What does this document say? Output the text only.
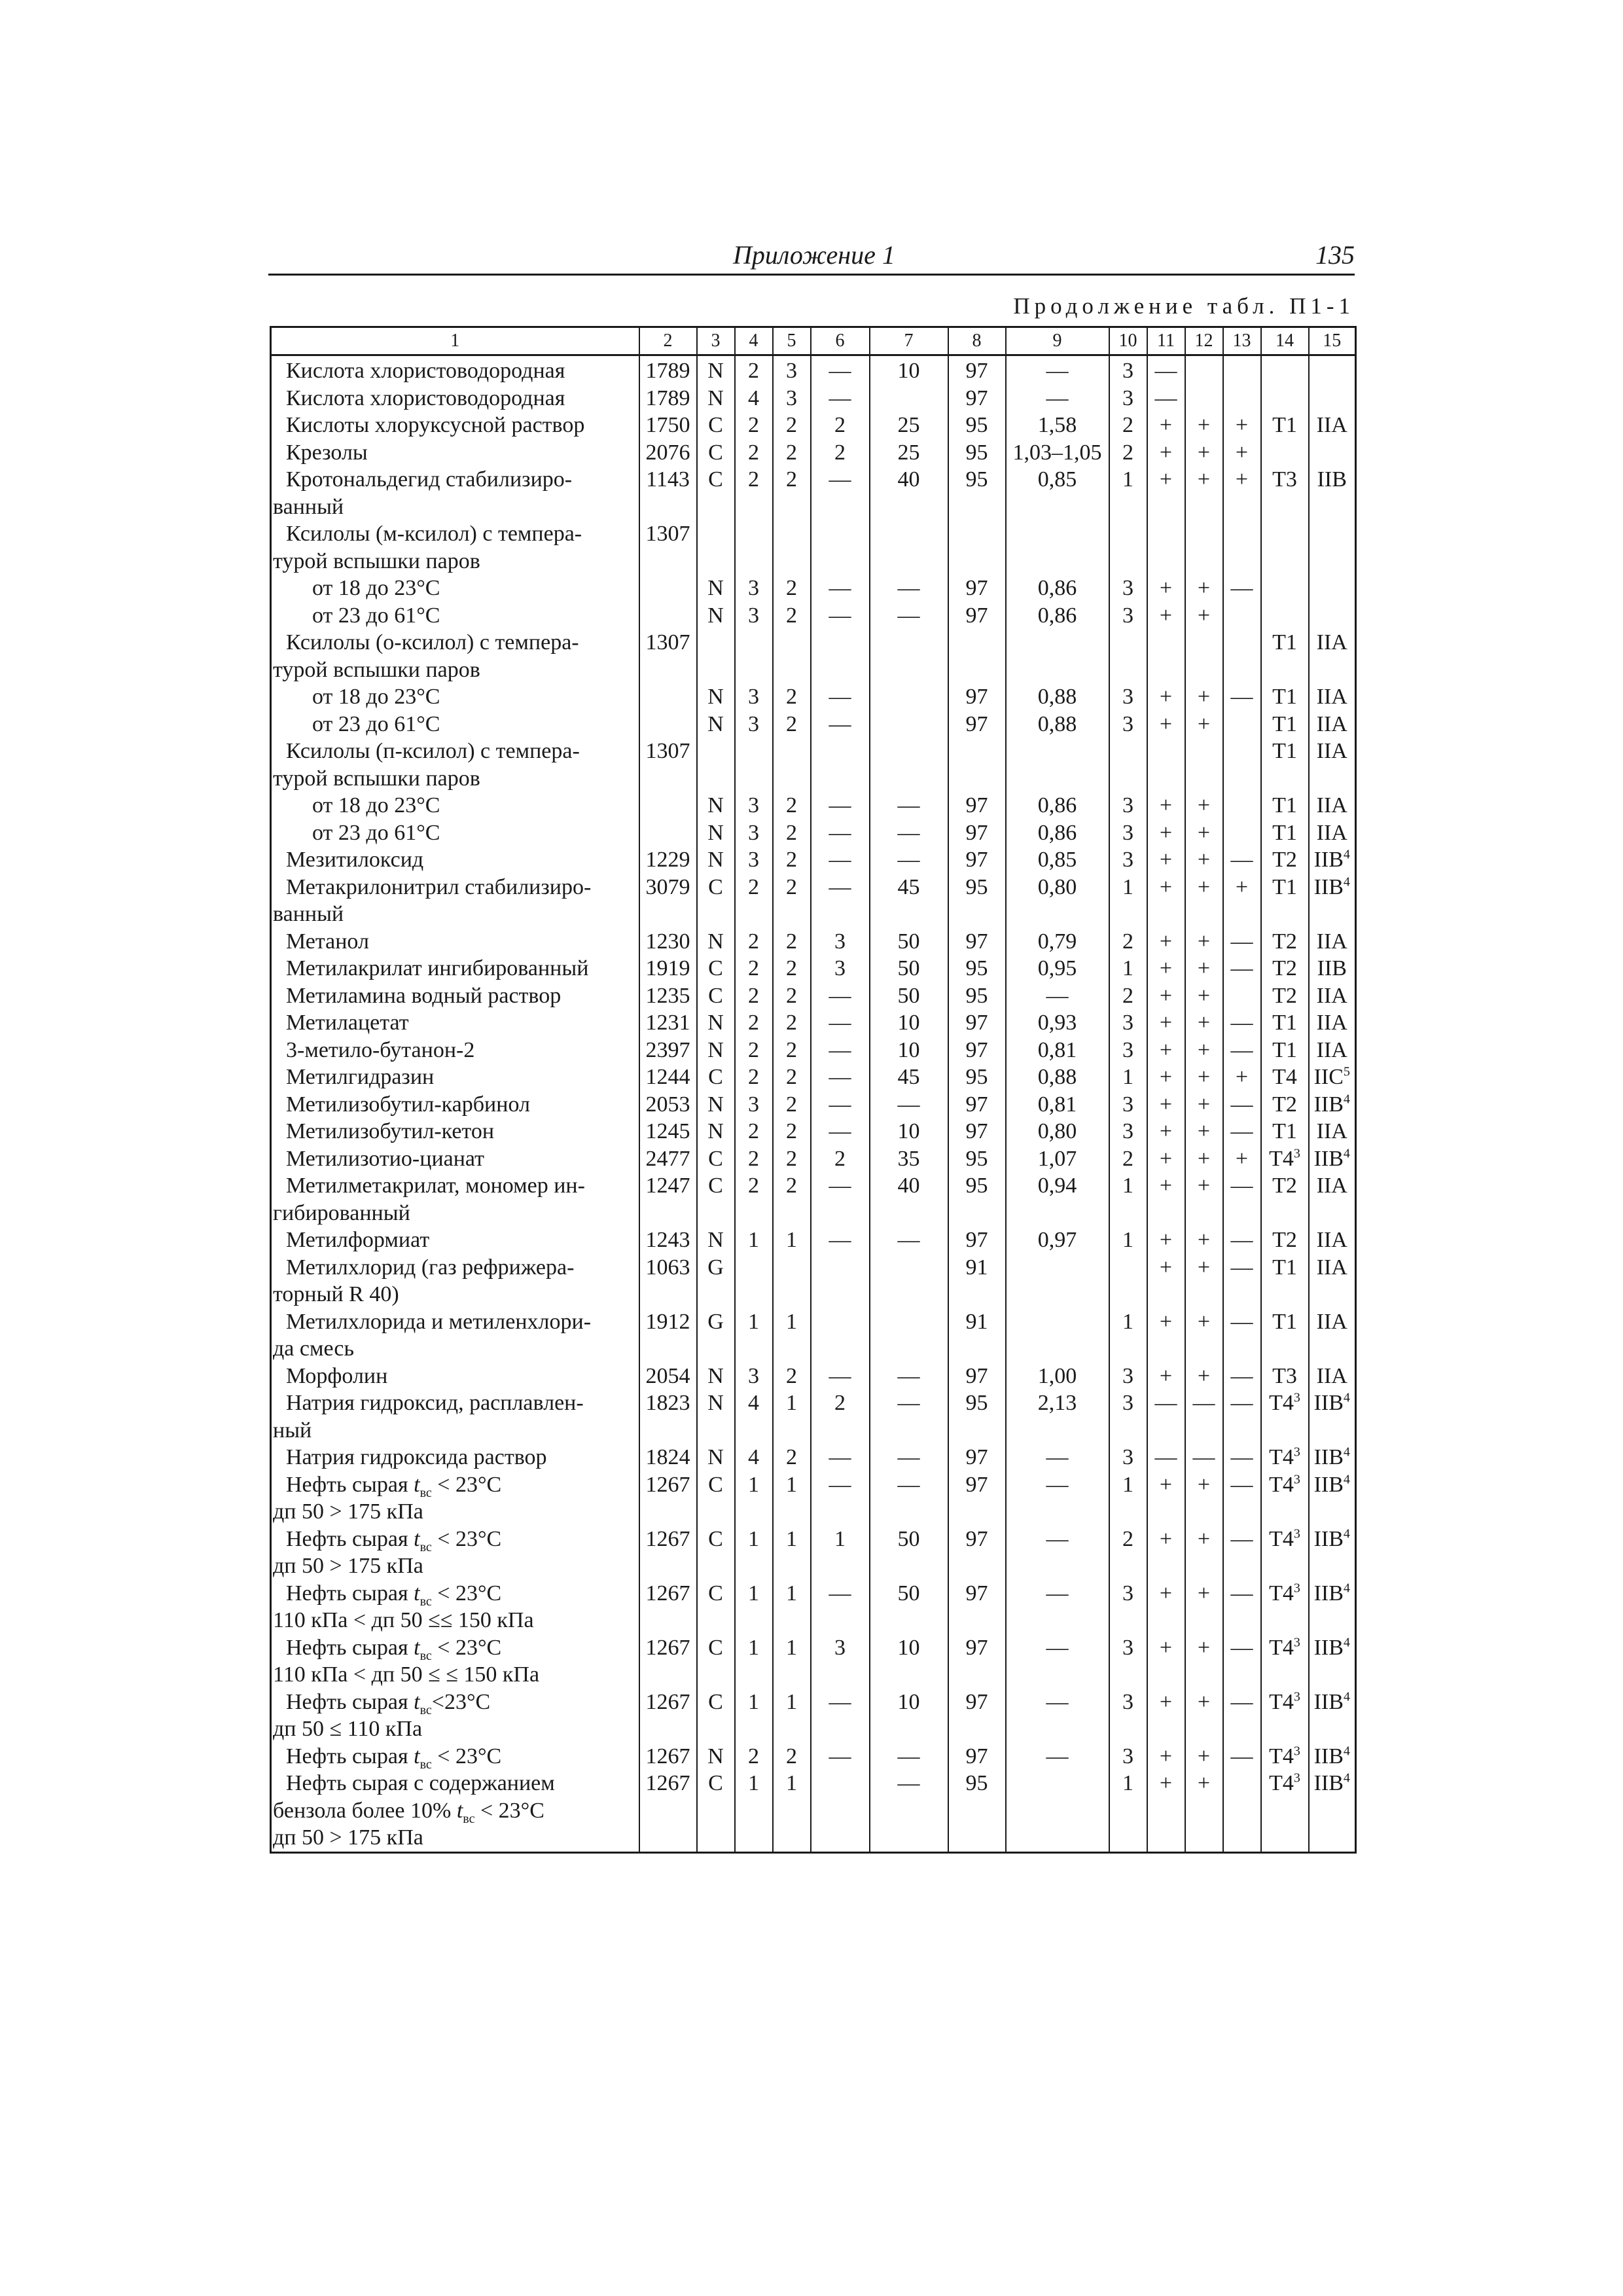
Приложение 1	135
Продолжение табл. П1-1
1	2	3	4	5	6	7	8	9	10	11	12	13	14	15

Кислота хлористоводородная	1789	N	2	3	—	10	97	—	3	—				

Кислота хлористоводородная	1789	N	4	3	—		97	—	3	—				

Кислоты хлоруксусной раствор	1750	C	2	2	2	25	95	1,58	2	+	+	+	T1	IIA

Крезолы	2076	C	2	2	2	25	95	1,03–1,05	2	+	+	+		

Кротональдегид стабилизиро-
ванный	1143	C	2	2	—	40	95	0,85	1	+	+	+	T3	IIB

Ксилолы (м-ксилол) с темпера-
турой вспышки паров	1307													

от 18 до 23°C		N	3	2	—	—	97	0,86	3	+	+	—		

от 23 до 61°C		N	3	2	—	—	97	0,86	3	+	+			

Ксилолы (о-ксилол) с темпера-
турой вспышки паров	1307												T1	IIA

от 18 до 23°C		N	3	2	—		97	0,88	3	+	+	—	T1	IIA

от 23 до 61°C		N	3	2	—		97	0,88	3	+	+		T1	IIA

Ксилолы (п-ксилол) с темпера-
турой вспышки паров	1307												T1	IIA

от 18 до 23°C		N	3	2	—	—	97	0,86	3	+	+		T1	IIA

от 23 до 61°C		N	3	2	—	—	97	0,86	3	+	+		T1	IIA

Мезитилоксид	1229	N	3	2	—	—	97	0,85	3	+	+	—	T2	IIB$^4$

Метакрилонитрил стабилизиро-
ванный	3079	C	2	2	—	45	95	0,80	1	+	+	+	T1	IIB$^4$

Метанол	1230	N	2	2	3	50	97	0,79	2	+	+	—	T2	IIA

Метилакрилат ингибированный	1919	C	2	2	3	50	95	0,95	1	+	+	—	T2	IIB

Метиламина водный раствор	1235	C	2	2	—	50	95	—	2	+	+		T2	IIA

Метилацетат	1231	N	2	2	—	10	97	0,93	3	+	+	—	T1	IIA

3-метило-бутанон-2	2397	N	2	2	—	10	97	0,81	3	+	+	—	T1	IIA

Метилгидразин	1244	C	2	2	—	45	95	0,88	1	+	+	+	T4	IIC$^5$

Метилизобутил-карбинол	2053	N	3	2	—	—	97	0,81	3	+	+	—	T2	IIB$^4$

Метилизобутил-кетон	1245	N	2	2	—	10	97	0,80	3	+	+	—	T1	IIA

Метилизотио-цианат	2477	C	2	2	2	35	95	1,07	2	+	+	+	$T4^3$	IIB$^4$

Метилметакрилат, мономер ин-
гибированный	1247	C	2	2	—	40	95	0,94	1	+	+	—	T2	IIA

Метилформиат	1243	N	1	1	—	—	97	0,97	1	+	+	—	T2	IIA

Метилхлорид (газ рефрижера-
торный R 40)	1063	G					91			+	+	—	T1	IIA

Метилхлорида и метиленхлори-
да смесь	1912	G	1	1			91		1	+	+	—	T1	IIA

Морфолин	2054	N	3	2	—	—	97	1,00	3	+	+	—	T3	IIA

Натрия гидроксид, расплавлен-
ный	1823	N	4	1	2	—	95	2,13	3	—	—	—	$T4^3$	IIB$^4$

Натрия гидроксида раствор	1824	N	4	2	—	—	97	—	3	—	—	—	$T4^3$	IIB$^4$

Нефть сырая $t_{вс} < 23^\circ C$
дп 50 > 175 кПа	1267	C	1	1	—	—	97	—	1	+	+	—	$T4^3$	IIB$^4$

Нефть сырая $t_{вс} < 23^\circ C$
дп 50 > 175 кПа	1267	C	1	1	1	50	97	—	2	+	+	—	$T4^3$	IIB$^4$

Нефть сырая $t_{вс} < 23^\circ C$
110 кПа < дп 50 ≤≤ 150 кПа	1267	C	1	1	—	50	97	—	3	+	+	—	$T4^3$	IIB$^4$

Нефть сырая $t_{вс} < 23^\circ C$
110 кПа < дп 50 ≤ ≤ 150 кПа	1267	C	1	1	3	10	97	—	3	+	+	—	$T4^3$	IIB$^4$

Нефть сырая $t_{вс}<23^\circ C$
дп 50 ≤ 110 кПа	1267	C	1	1	—	10	97	—	3	+	+	—	$T4^3$	IIB$^4$

Нефть сырая $t_{вс} < 23^\circ C$	1267	N	2	2	—	—	97	—	3	+	+	—	$T4^3$	IIB$^4$

Нефть сырая с содержанием
бензола более 10% $t_{вс} < 23^\circ C$
дп 50 > 175 кПа	1267	C	1	1		—	95		1	+	+		$T4^3$	IIB$^4$
